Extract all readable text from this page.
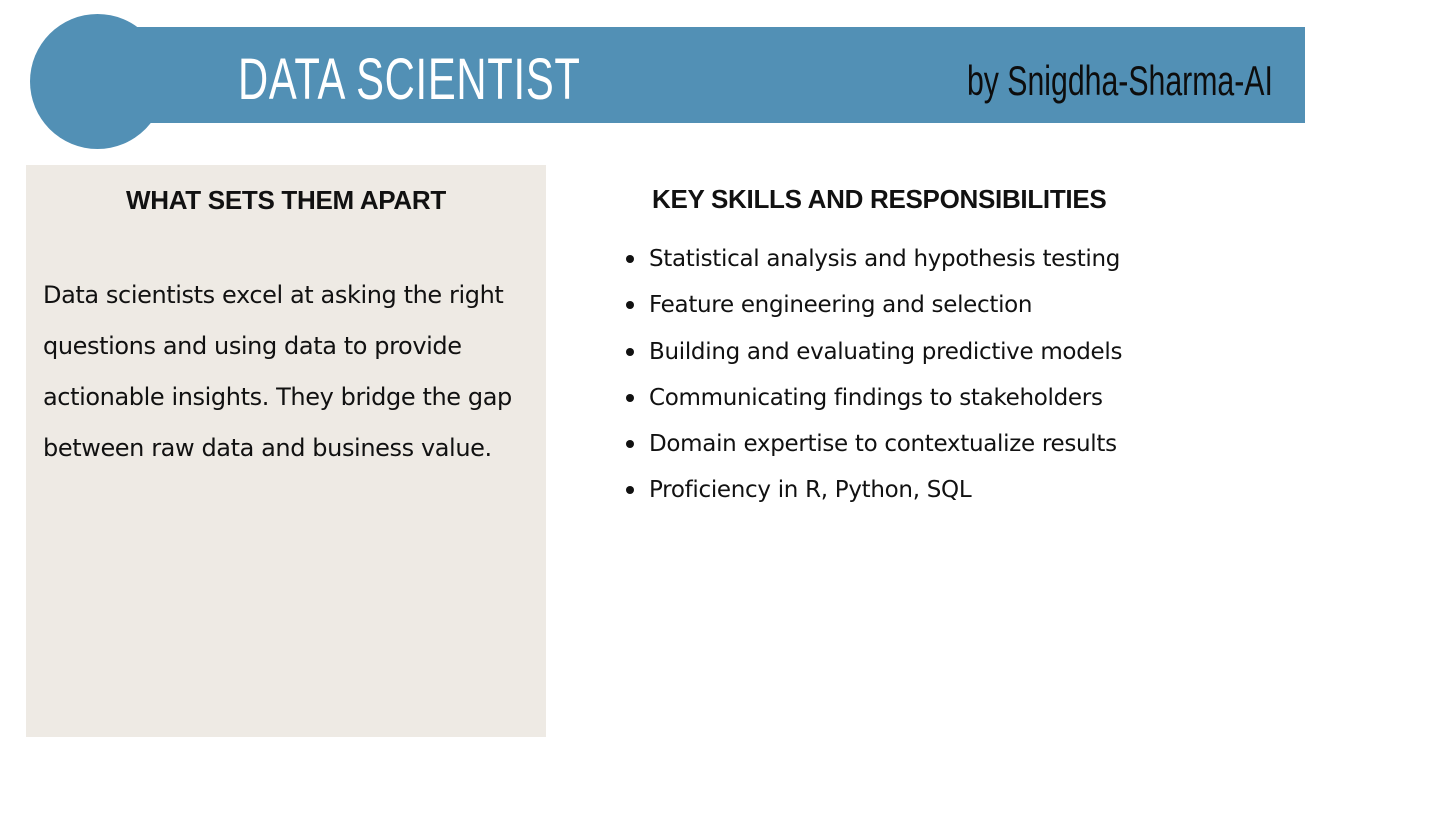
DATA SCIENTIST	by Snigdha-Sharma-AI
WHAT SETS THEM APART

Data scientists excel at asking the right questions and using data to provide actionable insights. They bridge the gap between raw data and business value.

KEY SKILLS AND RESPONSIBILITIES
Statistical analysis and hypothesis testing
Feature engineering and selection
Building and evaluating predictive models
Communicating findings to stakeholders
Domain expertise to contextualize results
Proficiency in R, Python, SQL
